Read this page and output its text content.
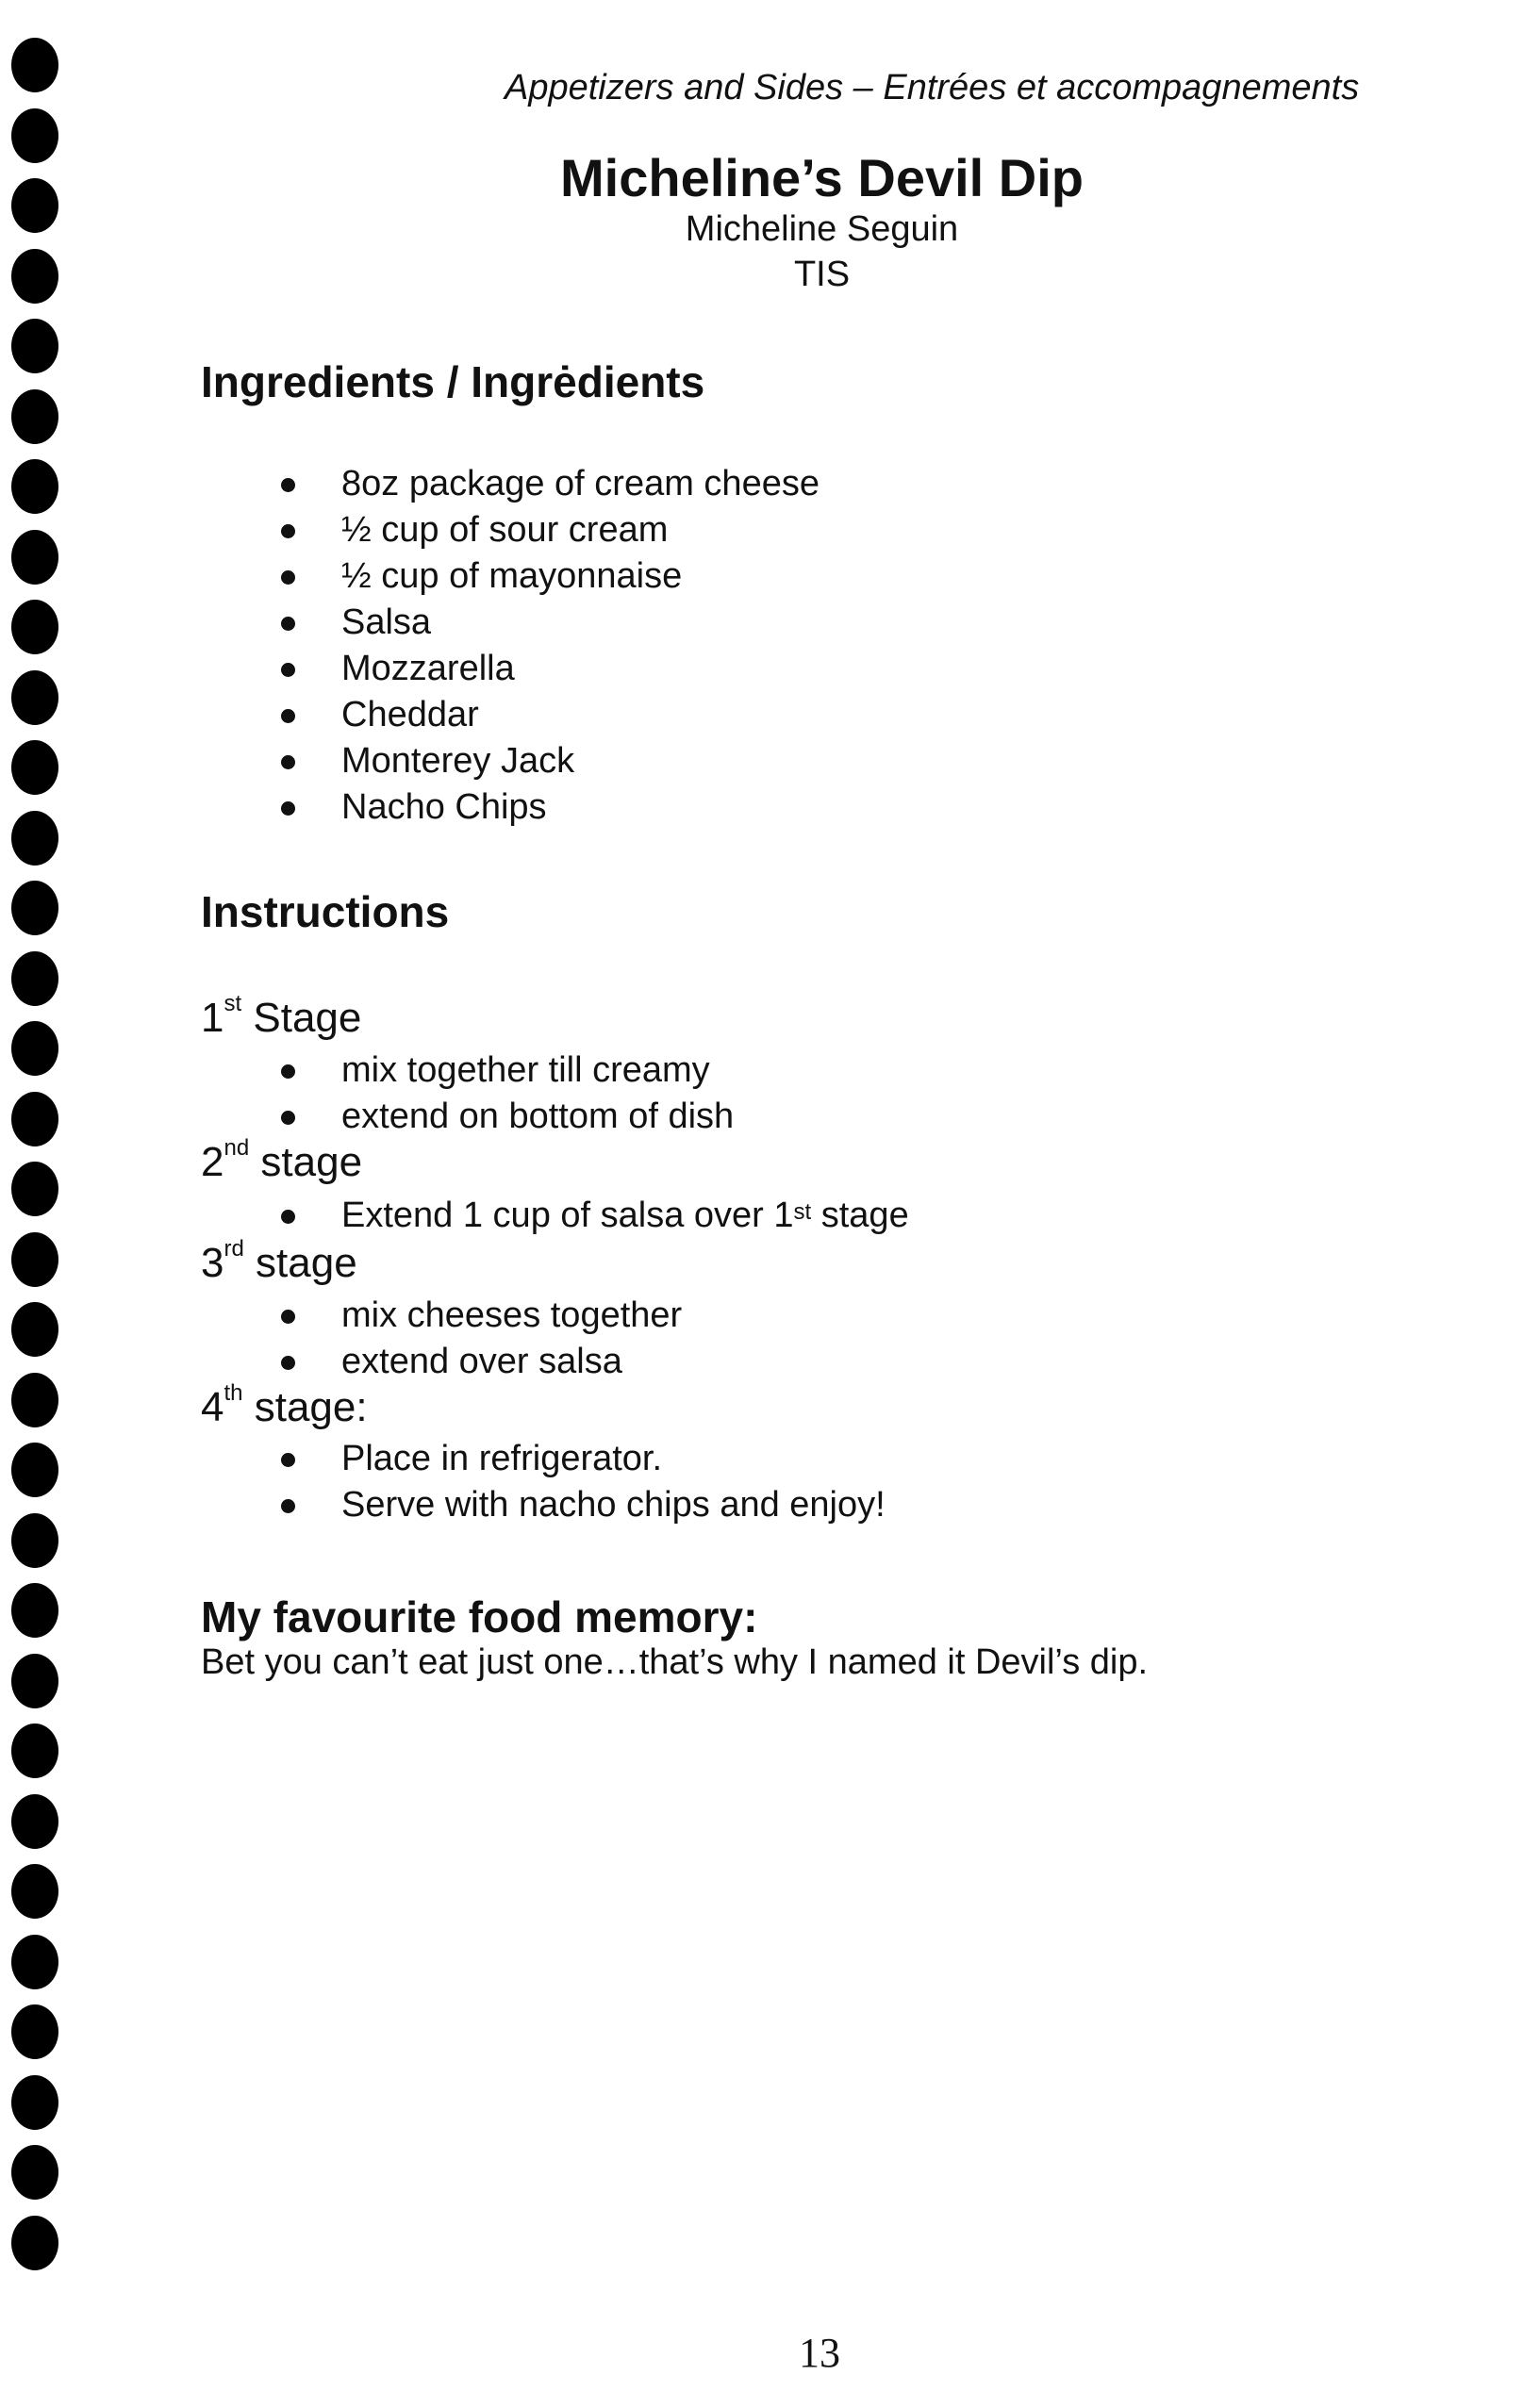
Appetizers and Sides – Entrées et accompagnements
Micheline’s Devil Dip
Micheline Seguin
TIS
Ingredients / Ingrėdients
8oz package of cream cheese
½ cup of sour cream
½ cup of mayonnaise
Salsa
Mozzarella
Cheddar
Monterey Jack
Nacho Chips
Instructions
1st Stage
mix together till creamy
extend on bottom of dish
2nd stage
Extend 1 cup of salsa over 1st stage
3rd stage
mix cheeses together
extend over salsa
4th stage:
Place in refrigerator.
Serve with nacho chips and enjoy!
My favourite food memory:
Bet you can’t eat just one…that’s why I named it Devil’s dip.
13
